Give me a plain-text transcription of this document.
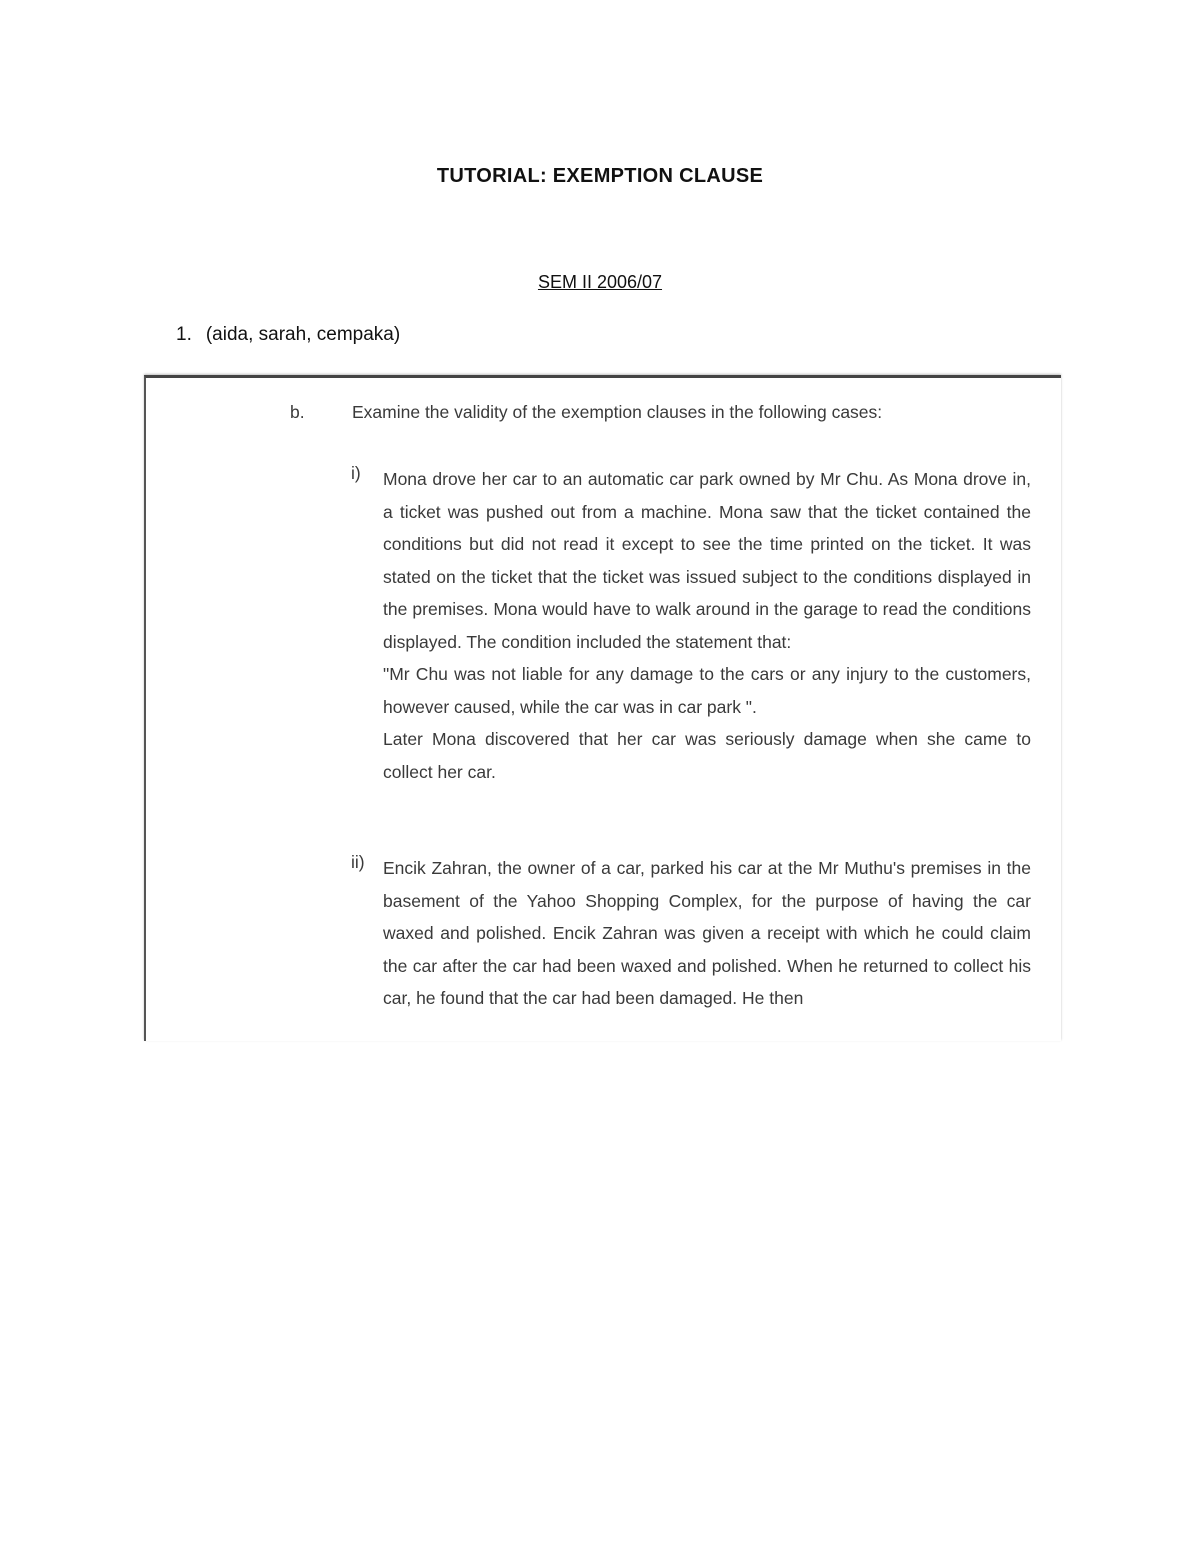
TUTORIAL: EXEMPTION CLAUSE
SEM II 2006/07
1. (aida, sarah, cempaka)
b.	Examine the validity of the exemption clauses in the following cases:
i) Mona drove her car to an automatic car park owned by Mr Chu. As Mona drove in, a ticket was pushed out from a machine. Mona saw that the ticket contained the conditions but did not read it except to see the time printed on the ticket. It was stated on the ticket that the ticket was issued subject to the conditions displayed in the premises. Mona would have to walk around in the garage to read the conditions displayed. The condition included the statement that:

"Mr Chu was not liable for any damage to the cars or any injury to the customers, however caused, while the car was in car park ".

Later Mona discovered that her car was seriously damage when she came to collect her car.

ii) Encik Zahran, the owner of a car, parked his car at the Mr Muthu's premises in the basement of the Yahoo Shopping Complex, for the purpose of having the car waxed and polished. Encik Zahran was given a receipt with which he could claim the car after the car had been waxed and polished. When he returned to collect his car, he found that the car had been damaged. He then
